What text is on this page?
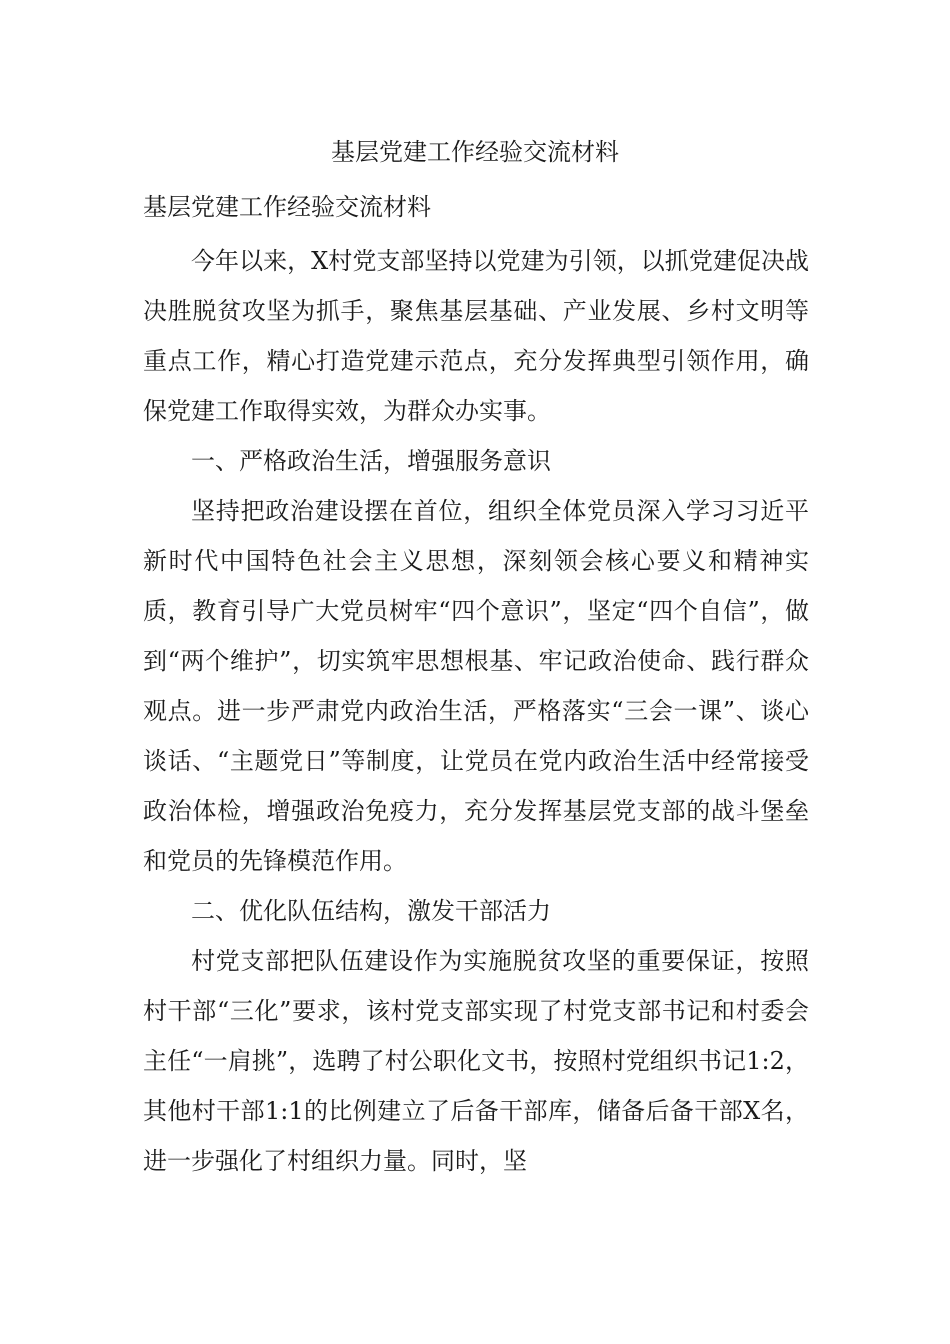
基层党建工作经验交流材料

基层党建工作经验交流材料

今年以来，X村党支部坚持以党建为引领，以抓党建促决战决胜脱贫攻坚为抓手，聚焦基层基础、产业发展、乡村文明等重点工作，精心打造党建示范点，充分发挥典型引领作用，确保党建工作取得实效，为群众办实事。

一、严格政治生活，增强服务意识

坚持把政治建设摆在首位，组织全体党员深入学习习近平新时代中国特色社会主义思想，深刻领会核心要义和精神实质，教育引导广大党员树牢“四个意识”，坚定“四个自信”，做到“两个维护”，切实筑牢思想根基、牢记政治使命、践行群众观点。进一步严肃党内政治生活，严格落实“三会一课”、谈心谈话、“主题党日”等制度，让党员在党内政治生活中经常接受政治体检，增强政治免疫力，充分发挥基层党支部的战斗堡垒和党员的先锋模范作用。

二、优化队伍结构，激发干部活力

村党支部把队伍建设作为实施脱贫攻坚的重要保证，按照村干部“三化”要求，该村党支部实现了村党支部书记和村委会主任“一肩挑”，选聘了村公职化文书，按照村党组织书记1:2，其他村干部1:1的比例建立了后备干部库，储备后备干部X名，进一步强化了村组织力量。同时，坚
